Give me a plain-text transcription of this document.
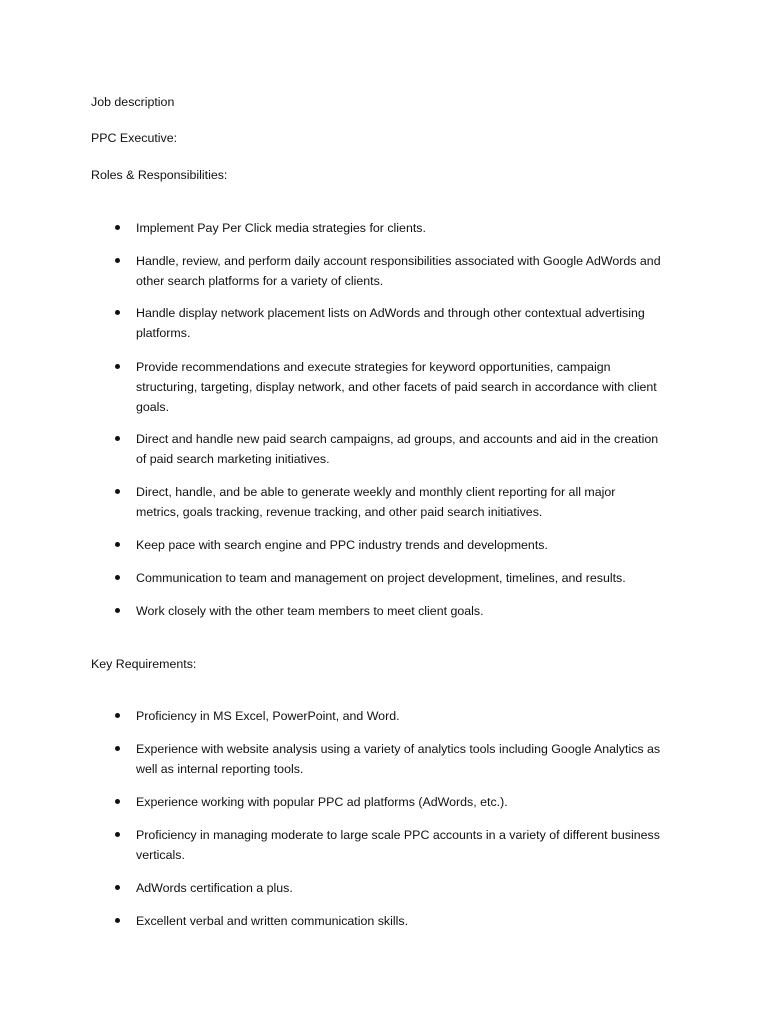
Job description

PPC Executive:

Roles & Responsibilities:

Implement Pay Per Click media strategies for clients.
Handle, review, and perform daily account responsibilities associated with Google AdWords and
other search platforms for a variety of clients.
Handle display network placement lists on AdWords and through other contextual advertising
platforms.
Provide recommendations and execute strategies for keyword opportunities, campaign
structuring, targeting, display network, and other facets of paid search in accordance with client
goals.
Direct and handle new paid search campaigns, ad groups, and accounts and aid in the creation
of paid search marketing initiatives.
Direct, handle, and be able to generate weekly and monthly client reporting for all major
metrics, goals tracking, revenue tracking, and other paid search initiatives.
Keep pace with search engine and PPC industry trends and developments.
Communication to team and management on project development, timelines, and results.
Work closely with the other team members to meet client goals.

Key Requirements:

Proficiency in MS Excel, PowerPoint, and Word.
Experience with website analysis using a variety of analytics tools including Google Analytics as
well as internal reporting tools.
Experience working with popular PPC ad platforms (AdWords, etc.).
Proficiency in managing moderate to large scale PPC accounts in a variety of different business
verticals.
AdWords certification a plus.
Excellent verbal and written communication skills.
